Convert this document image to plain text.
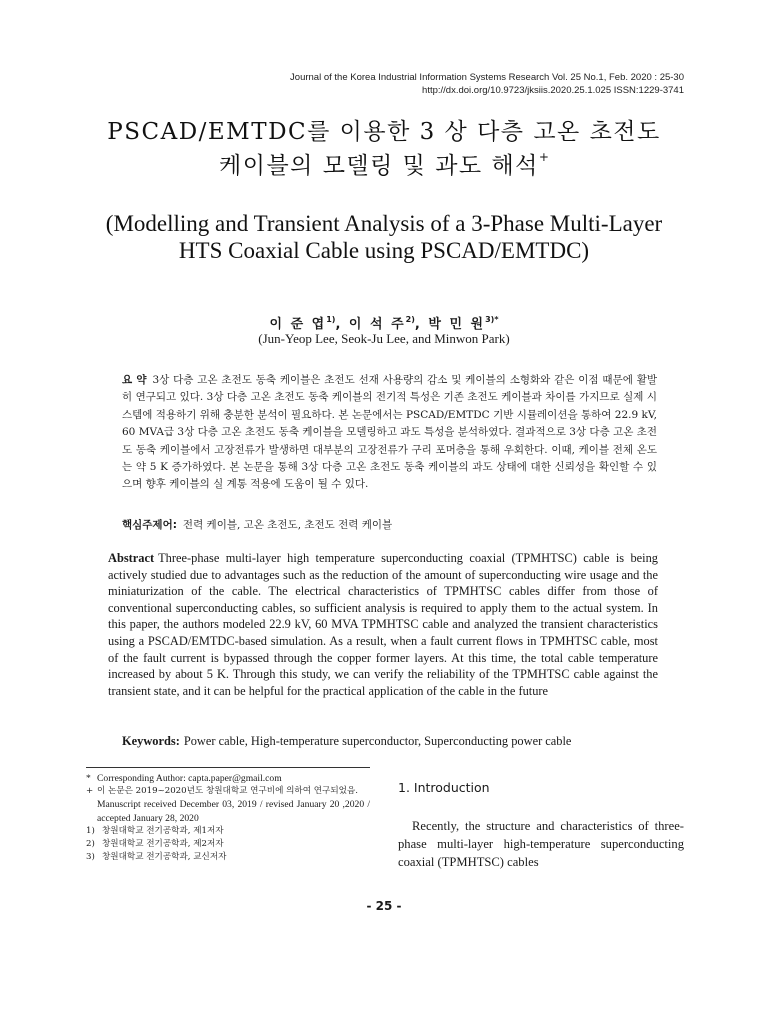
Journal of the Korea Industrial Information Systems Research Vol. 25 No.1, Feb. 2020 : 25-30
http://dx.doi.org/10.9723/jksiis.2020.25.1.025 ISSN:1229-3741
PSCAD/EMTDC를 이용한 3 상 다층 고온 초전도
케이블의 모델링 및 과도 해석+
(Modelling and Transient Analysis of a 3-Phase Multi-Layer
HTS Coaxial Cable using PSCAD/EMTDC)
이 준 엽$^{1)}$, 이 석 주$^{2)}$, 박 민 원$^{3)*}$
(Jun-Yeop Lee, Seok-Ju Lee, and Minwon Park)
요 약 3상 다층 고온 초전도 동축 케이블은 초전도 선재 사용량의 감소 및 케이블의 소형화와 같은 이점 때문에 활발히 연구되고 있다. 3상 다층 고온 초전도 동축 케이블의 전기적 특성은 기존 초전도 케이블과 차이를 가지므로 실제 시스템에 적용하기 위해 충분한 분석이 필요하다. 본 논문에서는 PSCAD/EMTDC 기반 시뮬레이션을 통하여 22.9 kV, 60 MVA급 3상 다층 고온 초전도 동축 케이블을 모델링하고 과도 특성을 분석하였다. 결과적으로 3상 다층 고온 초전도 동축 케이블에서 고장전류가 발생하면 대부분의 고장전류가 구리 포머층을 통해 우회한다. 이때, 케이블 전체 온도는 약 5 K 증가하였다. 본 논문을 통해 3상 다층 고온 초전도 동축 케이블의 과도 상태에 대한 신뢰성을 확인할 수 있으며 향후 케이블의 실 계통 적용에 도움이 될 수 있다.
핵심주제어: 전력 케이블, 고온 초전도, 초전도 전력 케이블
Abstract Three-phase multi-layer high temperature superconducting coaxial (TPMHTSC) cable is being actively studied due to advantages such as the reduction of the amount of superconducting wire usage and the miniaturization of the cable. The electrical characteristics of TPMHTSC cables differ from those of conventional superconducting cables, so sufficient analysis is required to apply them to the actual system. In this paper, the authors modeled 22.9 kV, 60 MVA TPMHTSC cable and analyzed the transient characteristics using a PSCAD/EMTDC-based simulation. As a result, when a fault current flows in TPMHTSC cable, most of the fault current is bypassed through the copper former layers. At this time, the total cable temperature increased by about 5 K. Through this study, we can verify the reliability of the TPMHTSC cable against the transient state, and it can be helpful for the practical application of the cable in the future
Keywords: Power cable, High-temperature superconductor, Superconducting power cable
* Corresponding Author: capta.paper@gmail.com
+ 이 논문은 2019~2020년도 창원대학교 연구비에 의하여 연구되었음.
Manuscript received December 03, 2019 / revised January 20 ,2020 / accepted January 28, 2020
1) 창원대학교 전기공학과, 제1저자
2) 창원대학교 전기공학과, 제2저자
3) 창원대학교 전기공학과, 교신저자
1. Introduction
Recently, the structure and characteristics of three-phase multi-layer high-temperature superconducting coaxial (TPMHTSC) cables
- 25 -
